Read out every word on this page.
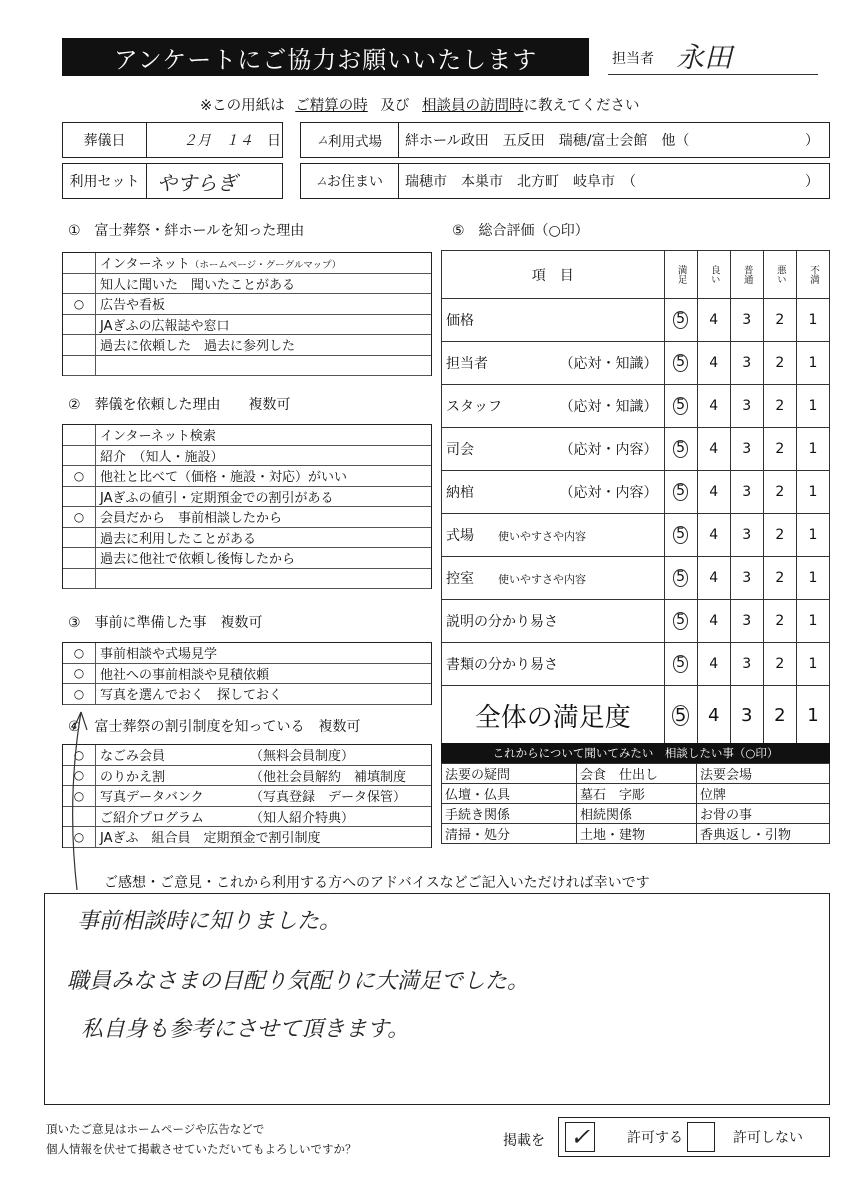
アンケートにご協力お願いいたします	担当者 永田
※この用紙は ご精算の時 及び 相談員の訪問時に教えてください
葬儀日	２月 １４ 日	ム 利用式場 絆ホール政田　五反田　瑞穂/富士会館　他（	）
利用セット やすらぎ	ム お住まい 瑞穂市　本巣市　北方町　岐阜市　（	）
①　富士葬祭・絆ホールを知った理由
インターネット（ホームページ・グーグルマップ）
知人に聞いた　聞いたことがある
○	広告や看板
JAぎふの広報誌や窓口
過去に依頼した　過去に参列した
②　葬儀を依頼した理由　　複数可
インターネット検索
紹介　（知人・施設）
○	他社と比べて（価格・施設・対応）がいい
JAぎふの値引・定期預金での割引がある
○	会員だから　事前相談したから
過去に利用したことがある
過去に他社で依頼し後悔したから
③　事前に準備した事　複数可
○	事前相談や式場見学
○	他社への事前相談や見積依頼
○	写真を選んでおく　探しておく
④　富士葬祭の割引制度を知っている　複数可
○	なごみ会員	（無料会員制度）
○	のりかえ割	（他社会員解約　補填制度
○	写真データバンク	（写真登録　データ保管）
ご紹介プログラム	（知人紹介特典）
○	JAぎふ　組合員　定期預金で割引制度
⑤　総合評価（○印）
項　目	満足	良い	普通	悪い	不満
価格	5	4	3	2	1
担当者 （応対・知識）	5	4	3	2	1
スタッフ （応対・知識）	5	4	3	2	1
司会 （応対・内容）	5	4	3	2	1
納棺 （応対・内容）	5	4	3	2	1
式場 使いやすさや内容	5	4	3	2	1
控室 使いやすさや内容	5	4	3	2	1
説明の分かり易さ	5	4	3	2	1
書類の分かり易さ	5	4	3	2	1
全体の満足度	5	4	3	2	1
これからについて聞いてみたい　相談したい事（○印）
法要の疑問	会食　仕出し	法要会場
仏壇・仏具	墓石　字彫	位牌
手続き関係	相続関係	お骨の事
清掃・処分	土地・建物	香典返し・引物
ご感想・ご意見・これから利用する方へのアドバイスなどご記入いただければ幸いです
事前相談時に知りました。
職員みなさまの目配り気配りに大満足でした。
私自身も参考にさせて頂きます。
頂いたご意見はホームページや広告などで
個人情報を伏せて掲載させていただいてもよろしいですか？	掲載を ✓	許可する	許可しない
